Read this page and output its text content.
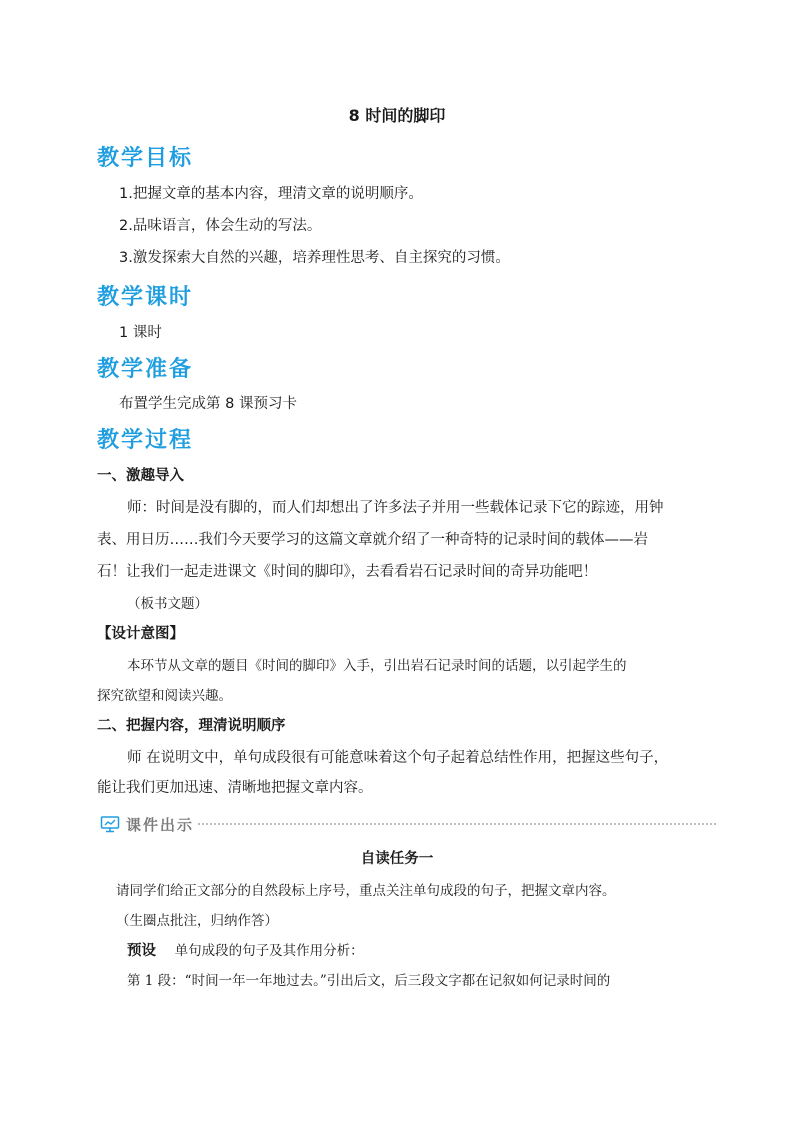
8 时间的脚印
教学目标
1.把握文章的基本内容，理清文章的说明顺序。
2.品味语言，体会生动的写法。
3.激发探索大自然的兴趣，培养理性思考、自主探究的习惯。
教学课时
1 课时
教学准备
布置学生完成第 8 课预习卡
教学过程
一、激趣导入
师：时间是没有脚的，而人们却想出了许多法子并用一些载体记录下它的踪迹，用钟
表、用日历……我们今天要学习的这篇文章就介绍了一种奇特的记录时间的载体——岩
石！让我们一起走进课文《时间的脚印》，去看看岩石记录时间的奇异功能吧！
（板书文题）
【设计意图】
本环节从文章的题目《时间的脚印》入手，引出岩石记录时间的话题，以引起学生的
探究欲望和阅读兴趣。
二、把握内容，理清说明顺序
师 在说明文中，单句成段很有可能意味着这个句子起着总结性作用，把握这些句子，
能让我们更加迅速、清晰地把握文章内容。
课件出示
自读任务一
请同学们给正文部分的自然段标上序号，重点关注单句成段的句子，把握文章内容。
（生圈点批注，归纳作答）
预设 单句成段的句子及其作用分析：
第 1 段：“时间一年一年地过去。”引出后文，后三段文字都在记叙如何记录时间的
